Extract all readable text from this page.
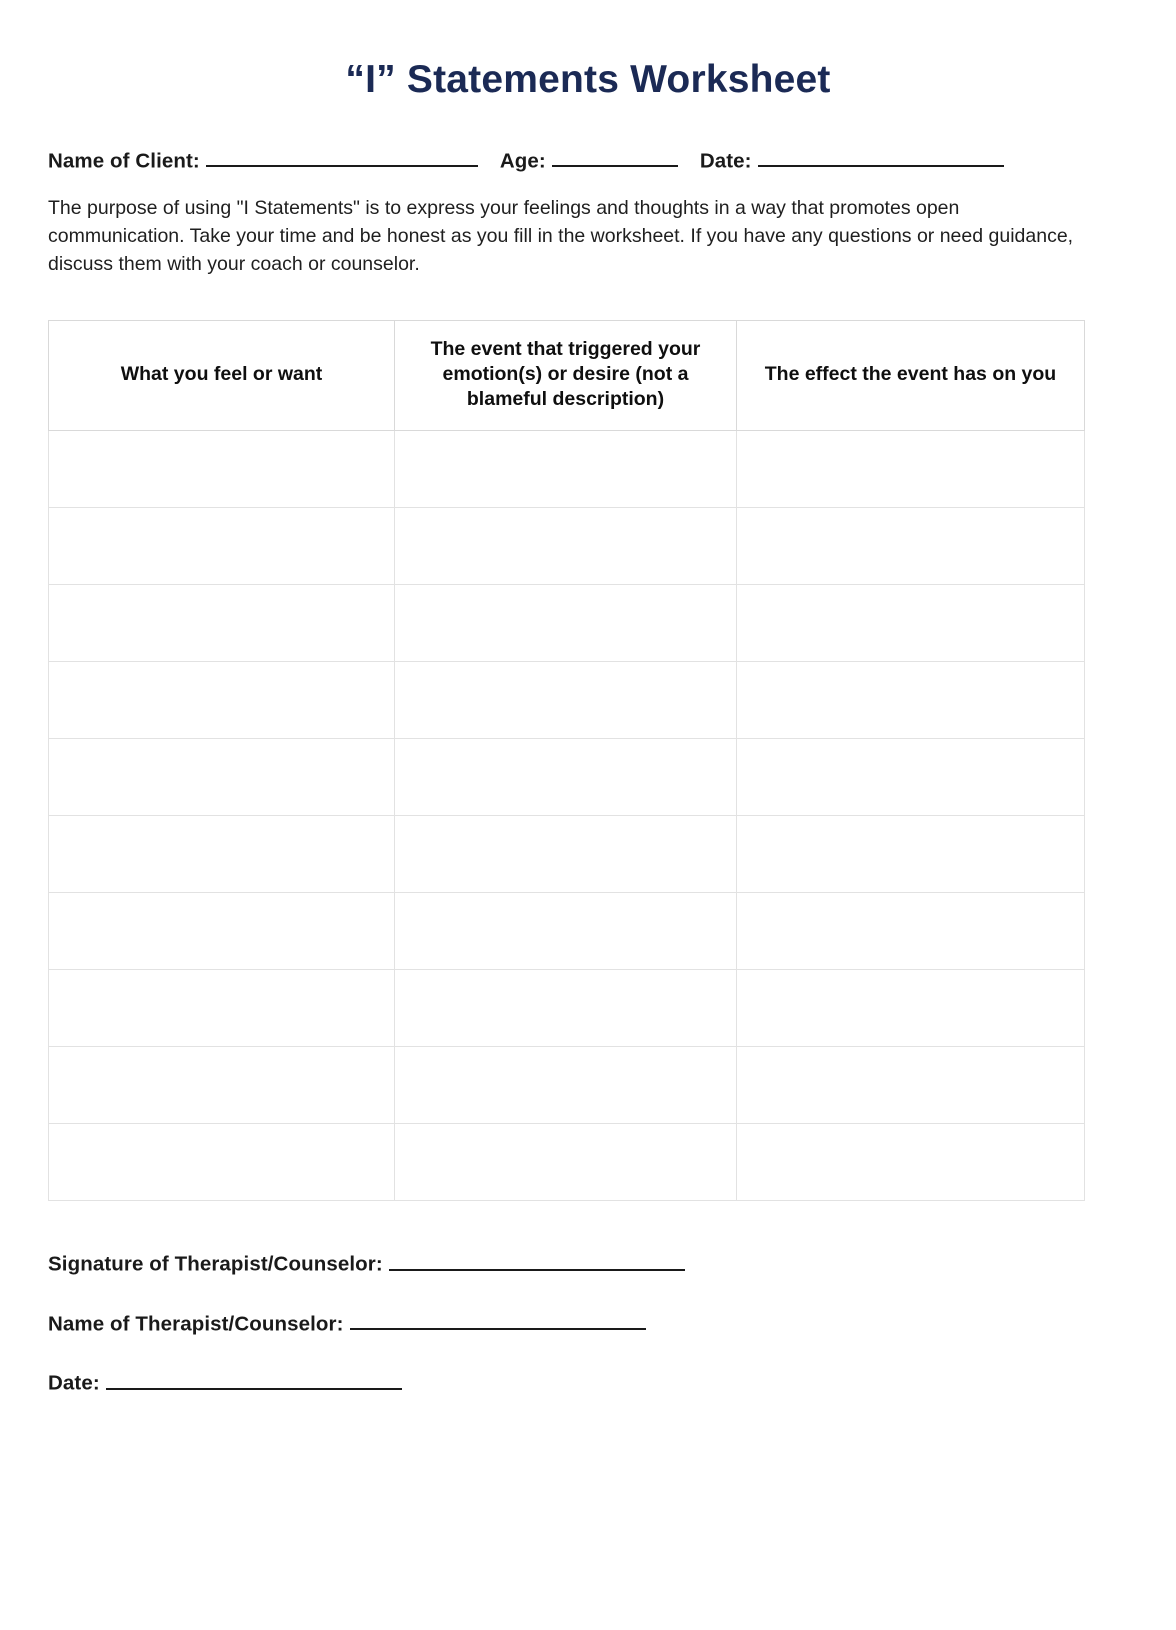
“I” Statements Worksheet
Name of Client:	Age:	Date:

The purpose of using "I Statements" is to express your feelings and thoughts in a way that promotes open communication. Take your time and be honest as you fill in the worksheet. If you have any questions or need guidance, discuss them with your coach or counselor.

What you feel or want	The event that triggered your emotion(s) or desire (not a blameful description)	The effect the event has on you

Signature of Therapist/Counselor:
Name of Therapist/Counselor:
Date:
